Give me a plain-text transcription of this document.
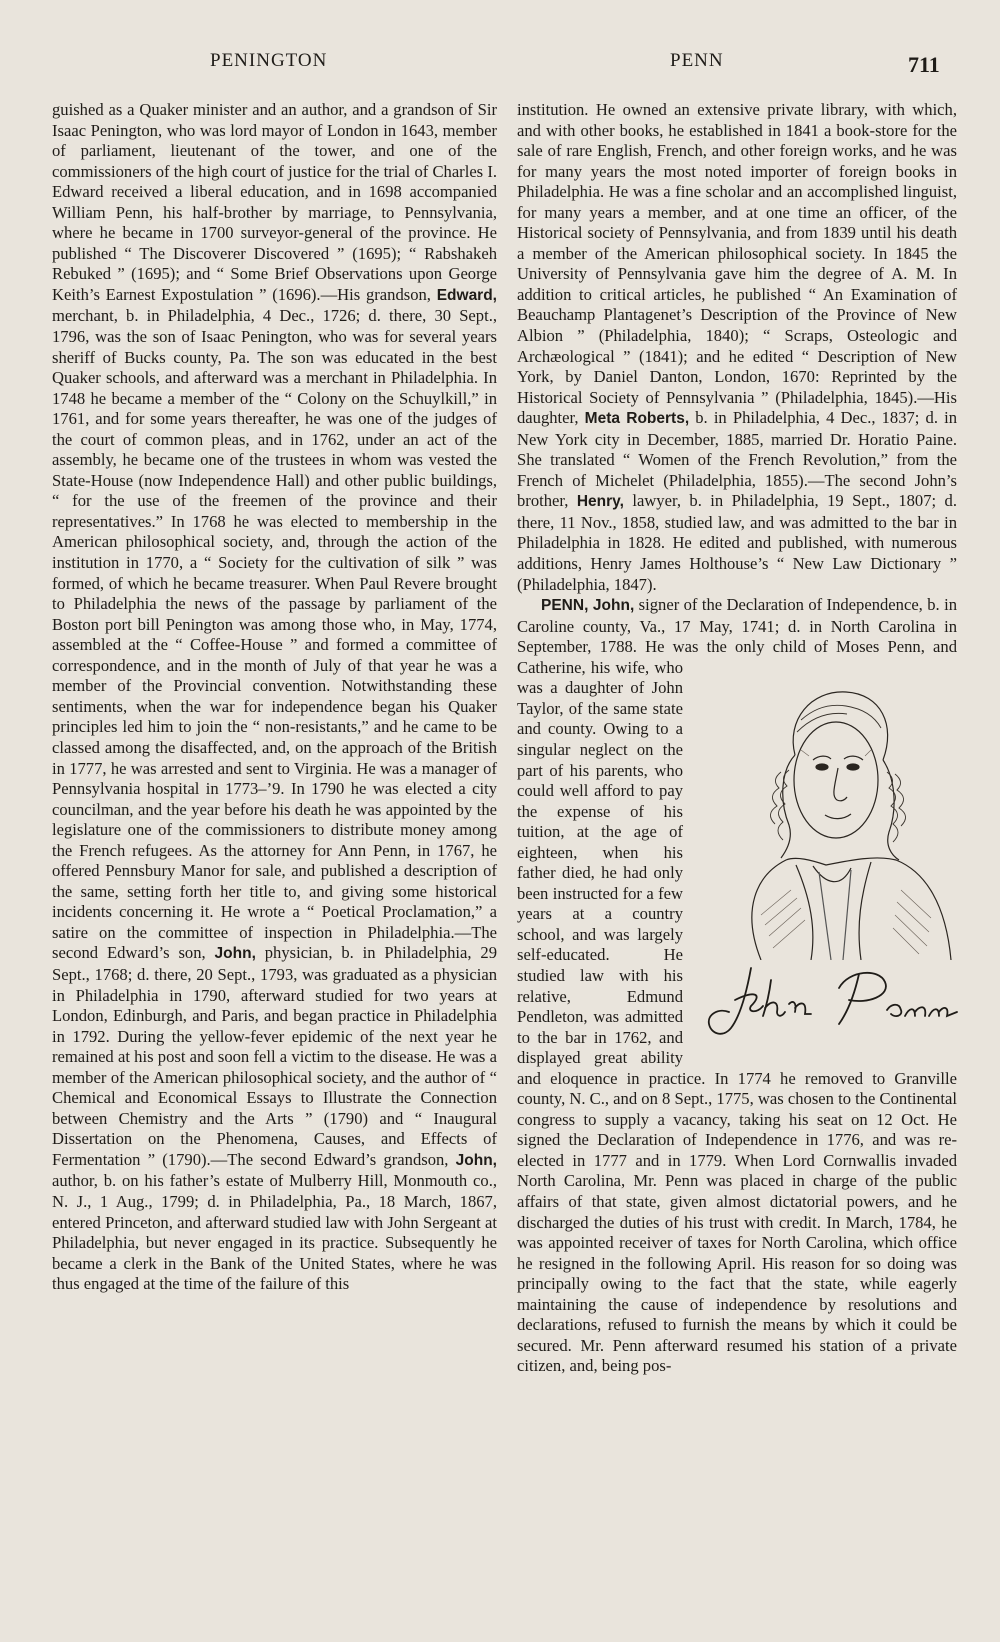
PENINGTON	PENN	711

guished as a Quaker minister and an author, and a grandson of Sir Isaac Penington, who was lord mayor of London in 1643, member of parliament, lieutenant of the tower, and one of the commissioners of the high court of justice for the trial of Charles I. Edward received a liberal education, and in 1698 accompanied William Penn, his half-brother by marriage, to Pennsylvania, where he became in 1700 surveyor-general of the province. He published “ The Discoverer Discovered ” (1695); “ Rabshakeh Rebuked ” (1695); and “ Some Brief Observations upon George Keith’s Earnest Expostulation ” (1696).—His grandson, Edward, merchant, b. in Philadelphia, 4 Dec., 1726; d. there, 30 Sept., 1796, was the son of Isaac Penington, who was for several years sheriff of Bucks county, Pa. The son was educated in the best Quaker schools, and afterward was a merchant in Philadelphia. In 1748 he became a member of the “ Colony on the Schuylkill,” in 1761, and for some years thereafter, he was one of the judges of the court of common pleas, and in 1762, under an act of the assembly, he became one of the trustees in whom was vested the State-House (now Independence Hall) and other public buildings, “ for the use of the freemen of the province and their representatives.” In 1768 he was elected to membership in the American philosophical society, and, through the action of the institution in 1770, a “ Society for the cultivation of silk ” was formed, of which he became treasurer. When Paul Revere brought to Philadelphia the news of the passage by parliament of the Boston port bill Penington was among those who, in May, 1774, assembled at the “ Coffee-House ” and formed a committee of correspondence, and in the month of July of that year he was a member of the Provincial convention. Notwithstanding these sentiments, when the war for independence began his Quaker principles led him to join the “ non-resistants,” and he came to be classed among the disaffected, and, on the approach of the British in 1777, he was arrested and sent to Virginia. He was a manager of Pennsylvania hospital in 1773–’9. In 1790 he was elected a city councilman, and the year before his death he was appointed by the legislature one of the commissioners to distribute money among the French refugees. As the attorney for Ann Penn, in 1767, he offered Pennsbury Manor for sale, and published a description of the same, setting forth her title to, and giving some historical incidents concerning it. He wrote a “ Poetical Proclamation,” a satire on the committee of inspection in Philadelphia.—The second Edward’s son, John, physician, b. in Philadelphia, 29 Sept., 1768; d. there, 20 Sept., 1793, was graduated as a physician in Philadelphia in 1790, afterward studied for two years at London, Edinburgh, and Paris, and began practice in Philadelphia in 1792. During the yellow-fever epidemic of the next year he remained at his post and soon fell a victim to the disease. He was a member of the American philosophical society, and the author of “ Chemical and Economical Essays to Illustrate the Connection between Chemistry and the Arts ” (1790) and “ Inaugural Dissertation on the Phenomena, Causes, and Effects of Fermentation ” (1790).—The second Edward’s grandson, John, author, b. on his father’s estate of Mulberry Hill, Monmouth co., N. J., 1 Aug., 1799; d. in Philadelphia, Pa., 18 March, 1867, entered Princeton, and afterward studied law with John Sergeant at Philadelphia, but never engaged in its practice. Subsequently he became a clerk in the Bank of the United States, where he was thus engaged at the time of the failure of this

institution. He owned an extensive private library, with which, and with other books, he established in 1841 a book-store for the sale of rare English, French, and other foreign works, and he was for many years the most noted importer of foreign books in Philadelphia. He was a fine scholar and an accomplished linguist, for many years a member, and at one time an officer, of the Historical society of Pennsylvania, and from 1839 until his death a member of the American philosophical society. In 1845 the University of Pennsylvania gave him the degree of A. M. In addition to critical articles, he published “ An Examination of Beauchamp Plantagenet’s Description of the Province of New Albion ” (Philadelphia, 1840); “ Scraps, Osteologic and Archæological ” (1841); and he edited “ Description of New York, by Daniel Danton, London, 1670: Reprinted by the Historical Society of Pennsylvania ” (Philadelphia, 1845).—His daughter, Meta Roberts, b. in Philadelphia, 4 Dec., 1837; d. in New York city in December, 1885, married Dr. Horatio Paine. She translated “ Women of the French Revolution,” from the French of Michelet (Philadelphia, 1855).—The second John’s brother, Henry, lawyer, b. in Philadelphia, 19 Sept., 1807; d. there, 11 Nov., 1858, studied law, and was admitted to the bar in Philadelphia in 1828. He edited and published, with numerous additions, Henry James Holthouse’s “ New Law Dictionary ” (Philadelphia, 1847).

PENN, John, signer of the Declaration of Independence, b. in Caroline county, Va., 17 May, 1741; d. in North Carolina in September, 1788. He was the only child of Moses Penn, and Catherine, his wife,
who was a daughter of John Taylor, of the same state and county. Owing to a singular neglect on the part of his parents, who could well afford to pay the expense of his tuition, at the age of eighteen, when his father died, he had only been instructed for a few years at a country school, and was largely self-educated. He studied law with his relative, Edmund Pendleton, was admitted to the bar in 1762, and displayed great ability and eloquence in practice. In 1774 he removed to Granville county, N. C., and on 8 Sept., 1775, was chosen to the Continental congress to supply a vacancy, taking his seat on 12 Oct. He signed the Declaration of Independence in 1776, and was re-elected in 1777 and in 1779. When Lord Cornwallis invaded North Carolina, Mr. Penn was placed in charge of the public affairs of that state, given almost dictatorial powers, and he discharged the duties of his trust with credit. In March, 1784, he was appointed receiver of taxes for North Carolina, which office he resigned in the following April. His reason for so doing was principally owing to the fact that the state, while eagerly maintaining the cause of independence by resolutions and declarations, refused to furnish the means by which it could be secured. Mr. Penn afterward resumed his station of a private citizen, and, being pos-
